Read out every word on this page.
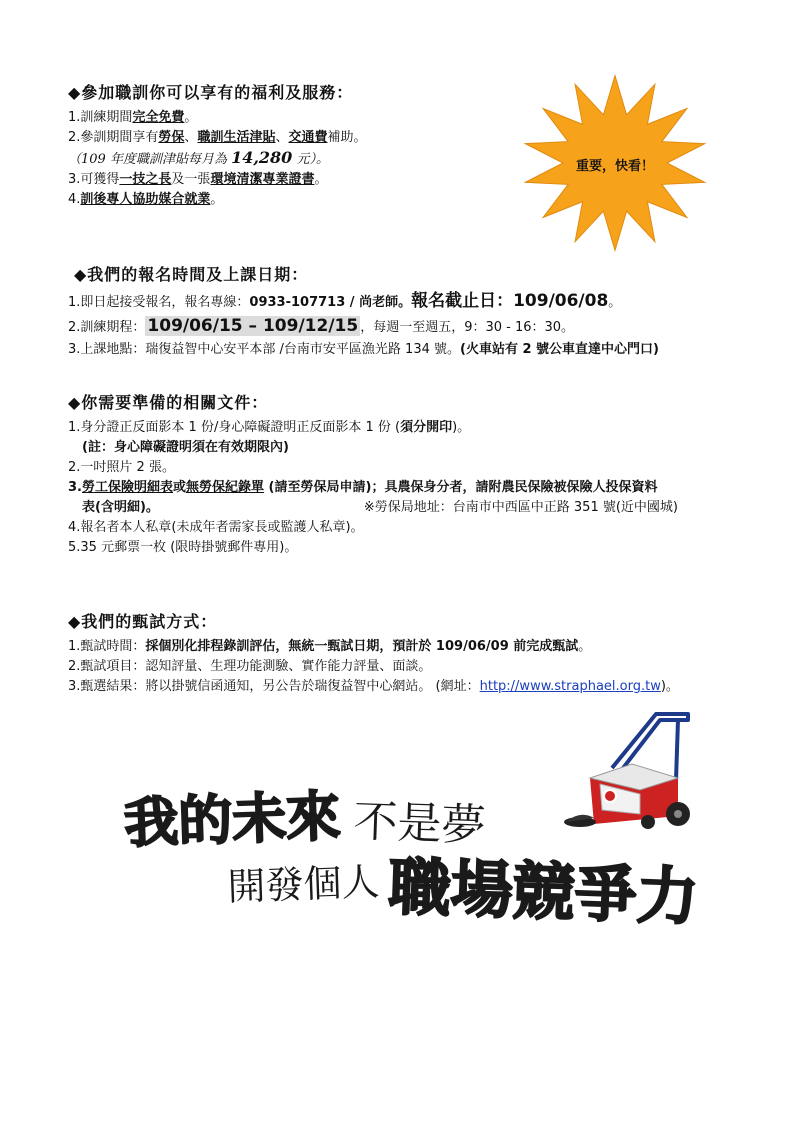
◆參加職訓你可以享有的福利及服務：
1.訓練期間完全免費。
2.參訓期間享有勞保、職訓生活津貼、交通費補助。
（109 年度職訓津貼每月為 14,280 元）。
3.可獲得一技之長及一張環境清潔專業證書。
4.訓後專人協助媒合就業。
重要，快看！
◆我們的報名時間及上課日期：
1.即日起接受報名，報名專線：0933-107713 / 尚老師。報名截止日：109/06/08。
2.訓練期程： 109/06/15 – 109/12/15 ，每週一至週五，9：30 - 16：30。
3.上課地點：瑞復益智中心安平本部 /台南市安平區漁光路 134 號。(火車站有 2 號公車直達中心門口)
◆你需要準備的相關文件：
1.身分證正反面影本 1 份/身心障礙證明正反面影本 1 份 (須分開印)。
(註：身心障礙證明須在有效期限內)
2.一吋照片 2 張。
3.勞工保險明細表或無勞保紀錄單 (請至勞保局申請)；具農保身分者，請附農民保險被保險人投保資料
表(含明細)。	※勞保局地址：台南市中西區中正路 351 號(近中國城)
4.報名者本人私章(未成年者需家長或監護人私章)。
5.35 元郵票一枚 (限時掛號郵件專用)。
◆我們的甄試方式：
1.甄試時間：採個別化排程錄訓評估，無統一甄試日期，預計於 109/06/09 前完成甄試。
2.甄試項目：認知評量、生理功能測驗、實作能力評量、面談。
3.甄選結果：將以掛號信函通知，另公告於瑞復益智中心網站。 (網址：http://www.straphael.org.tw)。
我的未來 不是夢
開發個人 職場競爭力
